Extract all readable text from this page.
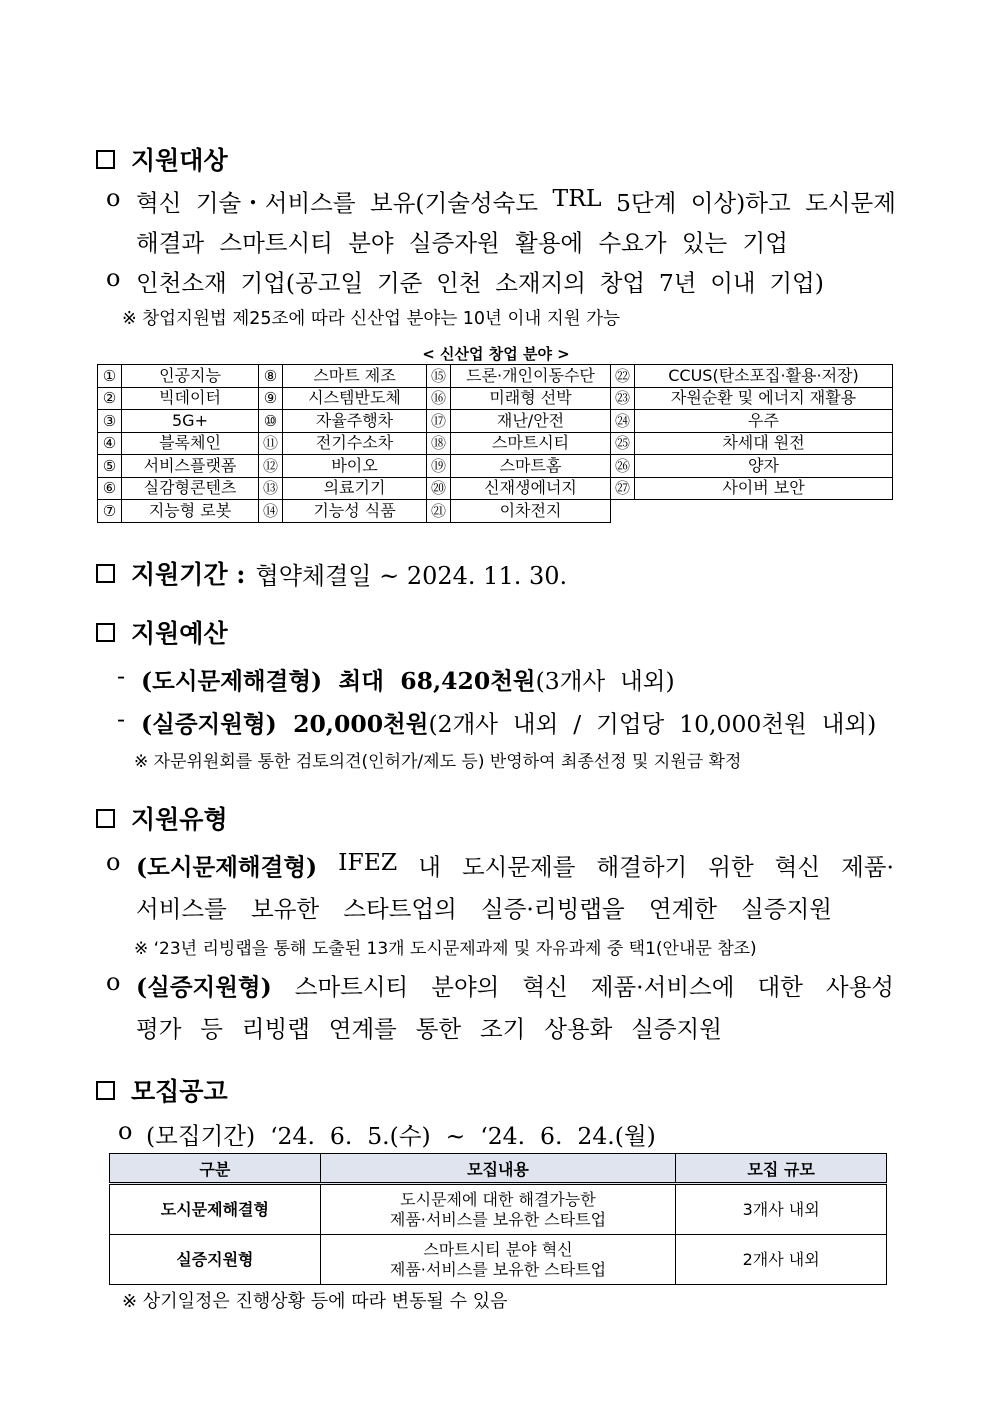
지원대상
o 혁신 기술・서비스를 보유(기술성숙도 TRL 5단계 이상)하고 도시문제
해결과 스마트시티 분야 실증자원 활용에 수요가 있는 기업
o 인천소재 기업(공고일 기준 인천 소재지의 창업 7년 이내 기업)
※ 창업지원법 제25조에 따라 신산업 분야는 10년 이내 지원 가능
< 신산업 창업 분야 >
①	인공지능	⑧	스마트 제조	⑮	드론·개인이동수단	㉒	CCUS(탄소포집·활용·저장)
②	빅데이터	⑨	시스템반도체	⑯	미래형 선박	㉓	자원순환 및 에너지 재활용
③	5G+	⑩	자율주행차	⑰	재난/안전	㉔	우주
④	블록체인	⑪	전기수소차	⑱	스마트시티	㉕	차세대 원전
⑤	서비스플랫폼	⑫	바이오	⑲	스마트홈	㉖	양자
⑥	실감형콘텐츠	⑬	의료기기	⑳	신재생에너지	㉗	사이버 보안
⑦	지능형 로봇	⑭	기능성 식품	㉑	이차전지		
지원기간 : 협약체결일 ~ 2024. 11. 30.
지원예산
- (도시문제해결형)  최대  68,420천원(3개사  내외)
- (실증지원형)  20,000천원(2개사  내외  /  기업당  10,000천원  내외)
※ 자문위원회를 통한 검토의견(인허가/제도 등) 반영하여 최종선정 및 지원금 확정
지원유형
o (도시문제해결형) IFEZ 내 도시문제를 해결하기 위한 혁신 제품·
서비스를 보유한 스타트업의 실증·리빙랩을 연계한 실증지원
※ ‘23년 리빙랩을 통해 도출된 13개 도시문제과제 및 자유과제 중 택1(안내문 참조)
o (실증지원형) 스마트시티 분야의 혁신 제품·서비스에 대한 사용성
평가 등 리빙랩 연계를 통한 조기 상용화 실증지원
모집공고
o (모집기간)  ‘24.  6.  5.(수)  ~  ‘24.  6.  24.(월)
구분	모집내용	모집 규모
도시문제해결형	도시문제에 대한 해결가능한
제품·서비스를 보유한 스타트업	3개사 내외
실증지원형	스마트시티 분야 혁신
제품·서비스를 보유한 스타트업	2개사 내외
※ 상기일정은 진행상황 등에 따라 변동될 수 있음
